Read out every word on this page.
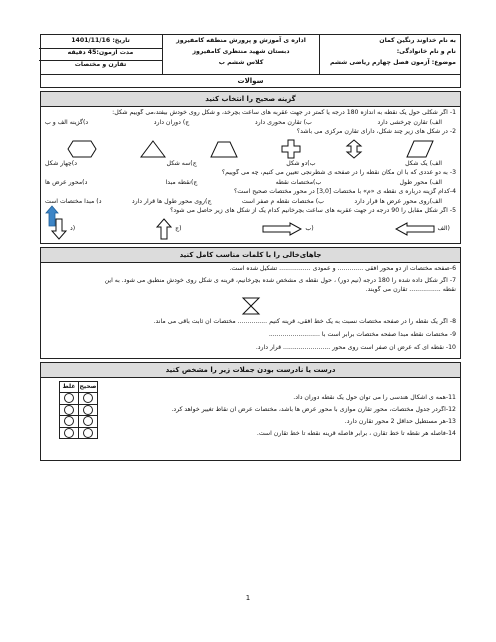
به نام خداوند رنگین کمان
نام و نام خانوادگی:
موضوع: آزمون فصل چهارم ریاضی ششم
اداره ی آموزش و پرورش منطقه کامفیروز
دبستان شهید منتظری کامفیروز
کلاس ششم ب
تاریخ: 1401/11/16
مدت آزمون:45 دقیقه
تقارن و مختصات
سوالات
گزینه صحیح را انتخاب کنید
1- اگر شکلی حول یک نقطه به اندازه 180 درجه یا کمتر در جهت عقربه های ساعت بچرخد، و شکل روی خودش بیفتد،می گوییم شکل:
الف) تقارن چرخشی دارد
ب) تقارن محوری دارد
ج) دوران دارد
د)گزینه الف و ب
2- در شکل های زیر چند شکل، دارای تقارن مرکزی می باشد؟
الف) یک شکل
ب)دو شکل
ج)سه شکل
د)چهار شکل
3- به دو عددی که با آن مکان نقطه را در صفحه ی شطرنجی تعیین می کنیم، چه می گوییم؟
الف) محور طول
ب)مختصات نقطه
ج)نقطه مبدا
د)محور عرض ها
4-کدام گزینه درباره ی نقطه ی «م» با مختصات [3,0] در محور مختصات صحیح است؟
الف)روی محور عرض ها قرار دارد
ب) مختصات نقطه م صفر است
ج)روی محور طول ها قرار دارد
د) مبدا مختصات است
5- اگر شکل مقابل را 90 درجه در جهت عقربه های ساعت بچرخانیم کدام یک از شکل های زیر حاصل می شود؟
د)	ج)	ب)	الف)
جاهای‌خالی را با کلمات مناسب کامل کنید
6-صفحه مختصات از دو محور افقی ............. و عمودی ................ تشکیل شده است.
7- اگر شکل داده شده را 180 درجه (نیم دور) ، حول نقطه ی مشخص شده بچرخانیم، قرینه ی شکل روی خودش منطبق می شود. به این
نقطه ................ تقارن می گویند.
8- اگر یک نقطه را در صفحه مختصات نسبت به یک خط افقی، قرینه کنیم ............... مختصات آن ثابت باقی می ماند.
9- مختصات نقطه مبدا صفحه مختصات برابر است با ..........................
10- نقطه ای که عرض آن صفر است روی محور ........................ قرار دارد.
درست یا نادرست بودن جملات زیر را مشخص کنید
صحیح	غلط

11-همه ی اشکال هندسی را می توان حول یک نقطه دوران داد.
12-اگردر جدول مختصات، محور تقارن موازی با محور عرض ها باشد، مختصات عرض آن نقاط تغییر خواهد کرد.
13-هر مستطیل حداقل 2 محور تقارن دارد.
14-فاصله هر نقطه تا خط تقارن ، برابر فاصله قرینه نقطه تا خط تقارن است.
1
